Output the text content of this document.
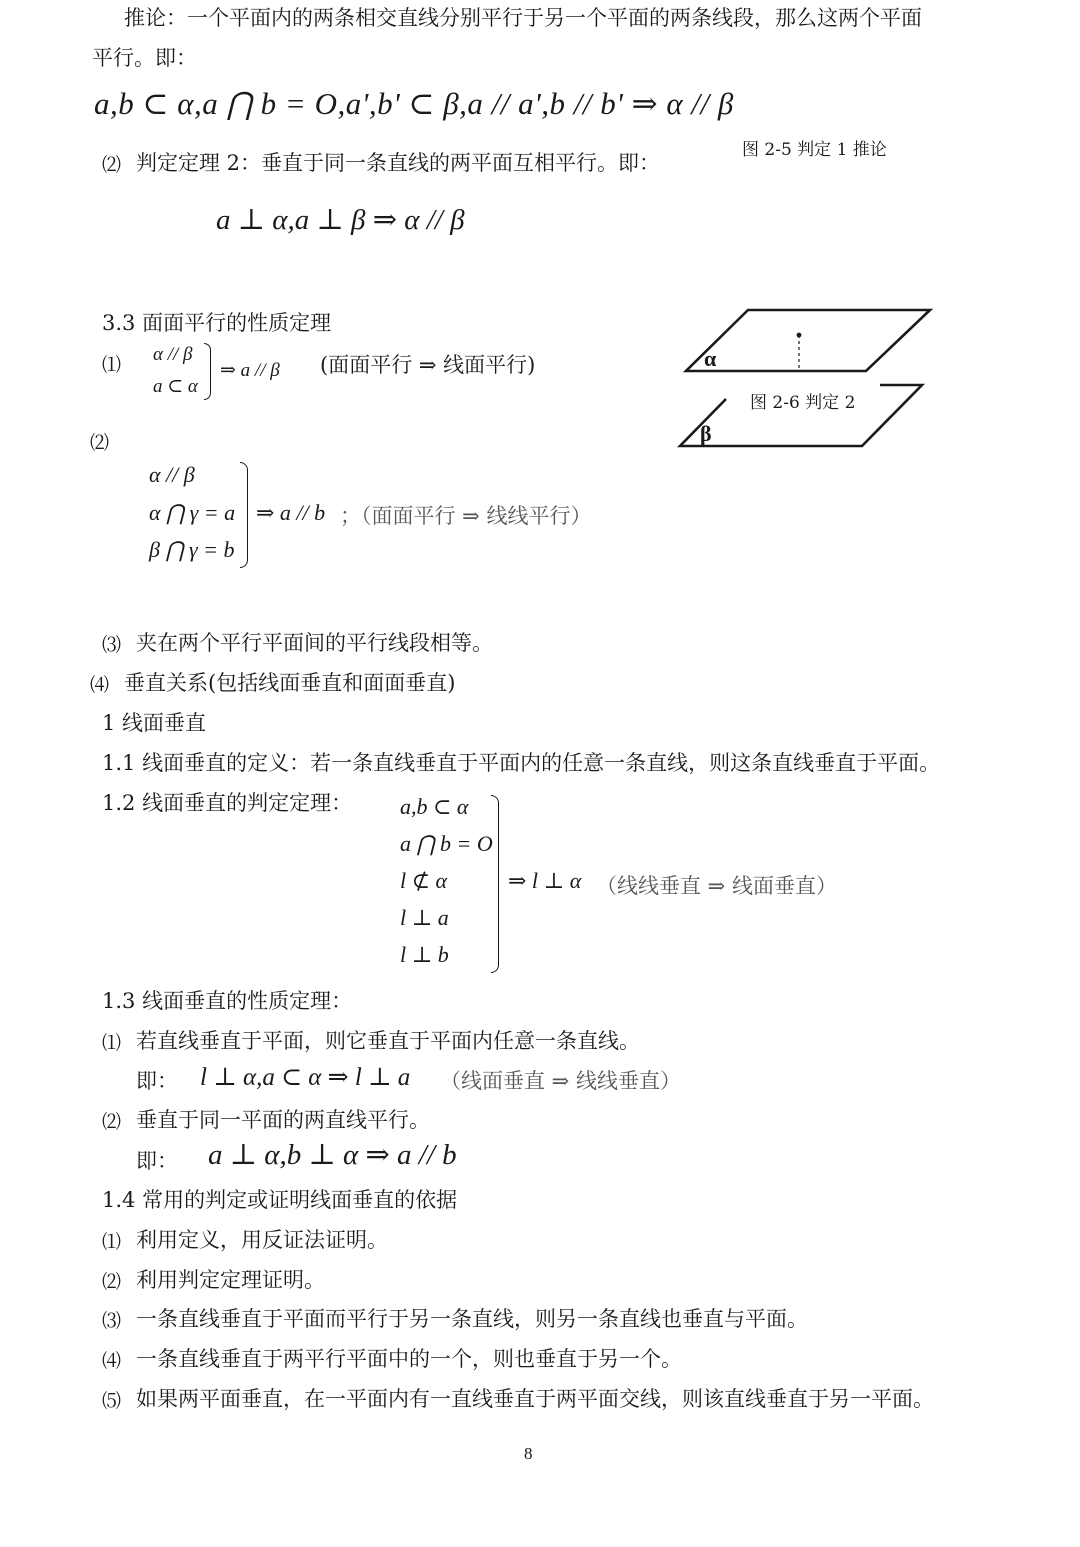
推论：一个平面内的两条相交直线分别平行于另一个平面的两条线段，那么这两个平面
平行。即：
a,b ⊂ α,a ⋂ b = O,a',b' ⊂ β,a // a',b // b' ⇒ α // β
图 2-5 判定 1 推论
⑵ 判定定理 2：垂直于同一条直线的两平面互相平行。即：
a ⊥ α,a ⊥ β ⇒ α // β
3.3 面面平行的性质定理
⑴
α // β
a ⊂ α
⇒ a // β (面面平行 ⇒ 线面平行)
⑵
α // β
α ⋂ γ = a
β ⋂ γ = b
⇒ a // b ；（面面平行 ⇒ 线线平行）
α
β
图 2-6 判定 2
⑶ 夹在两个平行平面间的平行线段相等。
⑷ 垂直关系(包括线面垂直和面面垂直)
1 线面垂直
1.1 线面垂直的定义：若一条直线垂直于平面内的任意一条直线，则这条直线垂直于平面。
1.2 线面垂直的判定定理： a,b ⊂ α
a ⋂ b = O
l ⊄ α
l ⊥ a
l ⊥ b
⇒ l ⊥ α （线线垂直 ⇒ 线面垂直）
1.3 线面垂直的性质定理：
⑴ 若直线垂直于平面，则它垂直于平面内任意一条直线。
即： l ⊥ α,a ⊂ α ⇒ l ⊥ a （线面垂直 ⇒ 线线垂直）
⑵ 垂直于同一平面的两直线平行。
即： a ⊥ α,b ⊥ α ⇒ a // b
1.4 常用的判定或证明线面垂直的依据
⑴ 利用定义，用反证法证明。
⑵ 利用判定定理证明。
⑶ 一条直线垂直于平面而平行于另一条直线，则另一条直线也垂直与平面。
⑷ 一条直线垂直于两平行平面中的一个，则也垂直于另一个。
⑸ 如果两平面垂直，在一平面内有一直线垂直于两平面交线，则该直线垂直于另一平面。
8
